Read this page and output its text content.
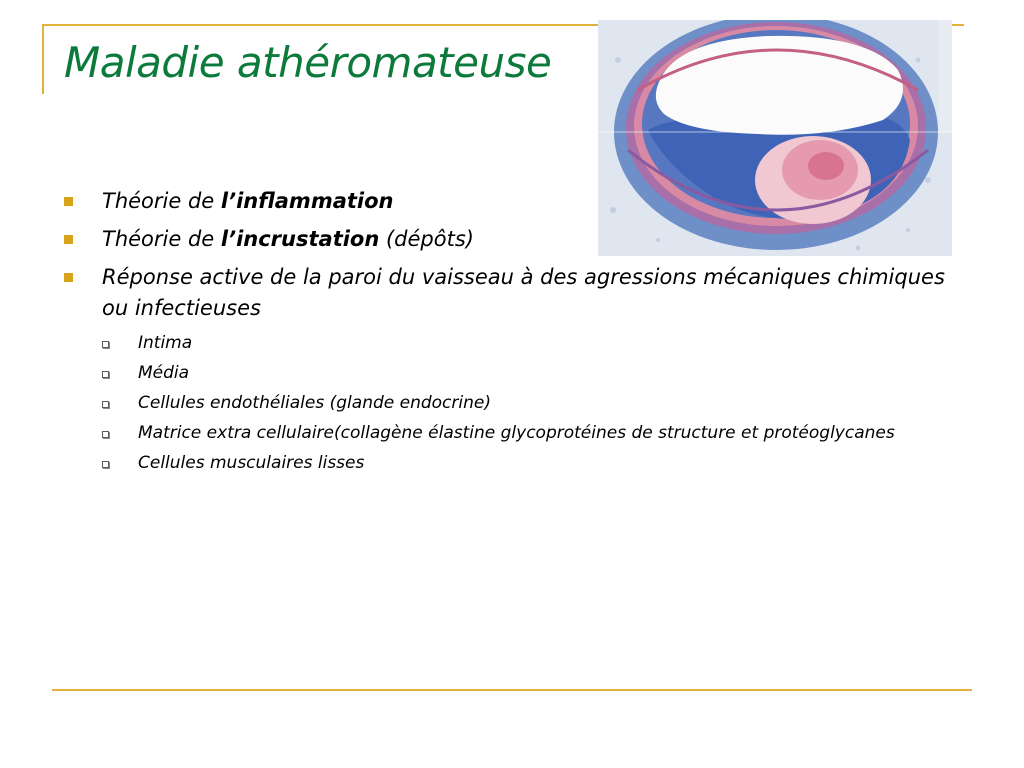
Maladie athéromateuse
Théorie de l’inflammation
Théorie de l’incrustation (dépôts)
Réponse active de la paroi du vaisseau à des agressions mécaniques chimiques ou infectieuses
Intima
Média
Cellules endothéliales (glande endocrine)
Matrice extra cellulaire(collagène élastine glycoprotéines de structure et protéoglycanes
Cellules musculaires lisses
